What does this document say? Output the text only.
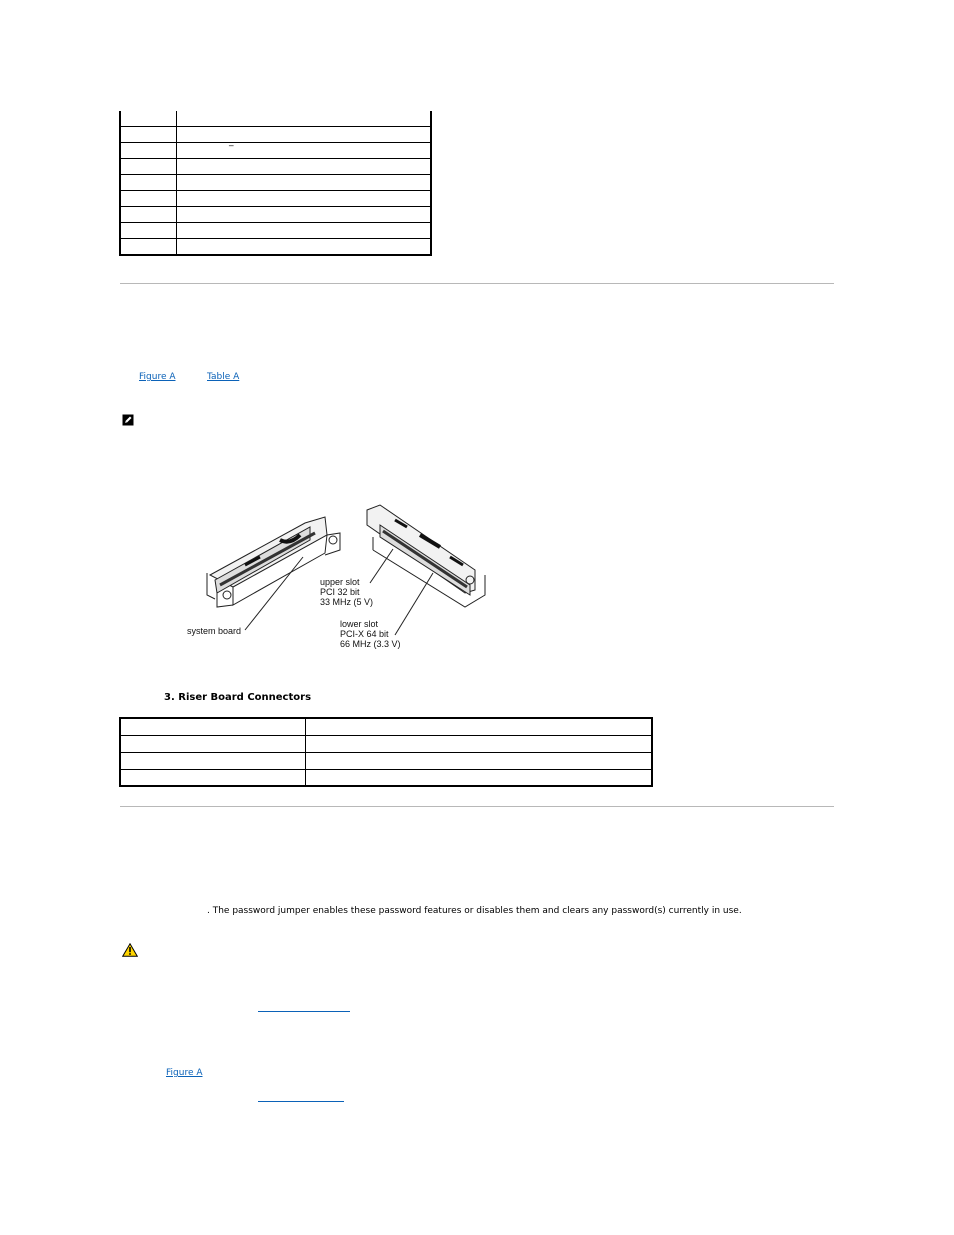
	_

Figure A	Table A
system board
upper slot
PCI 32 bit
33 MHz (5 V)
lower slot
PCI-X 64 bit
66 MHz (3.3 V)
3. Riser Board Connectors

. The password jumper enables these password features or disables them and clears any password(s) currently in use.
Figure A
